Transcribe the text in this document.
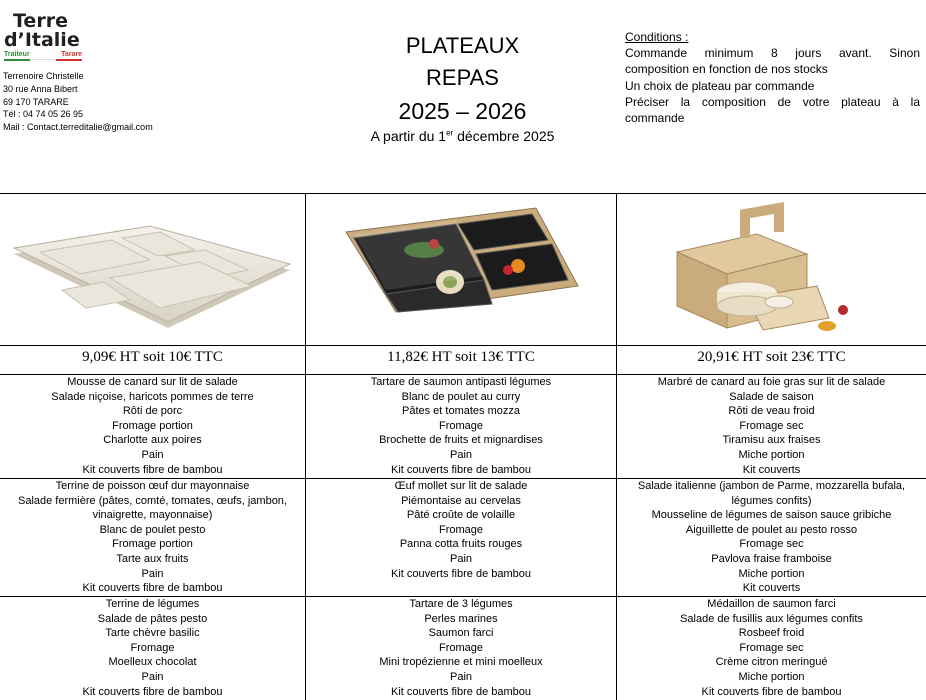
Terre
d’Italie
Traiteur	Tarare
Terrenoire Christelle
30 rue Anna Bibert
69 170 TARARE
Tél : 04 74 05 26 95
Mail : Contact.terreditalie@gmail.com
PLATEAUX
REPAS
2025 – 2026
A partir du 1er décembre 2025
Conditions :
Commande minimum 8 jours avant. Sinon
composition en fonction de nos stocks
Un choix de plateau par commande
Préciser la composition de votre plateau à la
commande
9,09€ HT soit 10€ TTC	11,82€ HT soit 13€ TTC	20,91€ HT soit 23€ TTC
Mousse de canard sur lit de salade
Salade niçoise, haricots pommes de terre
Rôti de porc
Fromage portion
Charlotte aux poires
Pain
Kit couverts fibre de bambou
Tartare de saumon antipasti légumes
Blanc de poulet au curry
Pâtes et tomates mozza
Fromage
Brochette de fruits et mignardises
Pain
Kit couverts fibre de bambou
Marbré de canard au foie gras sur lit de salade
Salade de saison
Rôti de veau froid
Fromage sec
Tiramisu aux fraises
Miche portion
Kit couverts
Terrine de poisson œuf dur mayonnaise
Salade fermière (pâtes, comté, tomates, œufs, jambon, vinaigrette, mayonnaise)
Blanc de poulet pesto
Fromage portion
Tarte aux fruits
Pain
Kit couverts fibre de bambou
Œuf mollet sur lit de salade
Piémontaise au cervelas
Pâté croûte de volaille
Fromage
Panna cotta fruits rouges
Pain
Kit couverts fibre de bambou
Salade italienne (jambon de Parme, mozzarella bufala, légumes confits)
Mousseline de légumes de saison sauce gribiche
Aiguillette de poulet au pesto rosso
Fromage sec
Pavlova fraise framboise
Miche portion
Kit couverts
Terrine de légumes
Salade de pâtes pesto
Tarte chèvre basilic
Fromage
Moelleux chocolat
Pain
Kit couverts fibre de bambou
Tartare de 3 légumes
Perles marines
Saumon farci
Fromage
Mini tropézienne et mini moelleux
Pain
Kit couverts fibre de bambou
Médaillon de saumon farci
Salade de fusillis aux légumes confits
Rosbeef froid
Fromage sec
Crème citron meringué
Miche portion
Kit couverts fibre de bambou
